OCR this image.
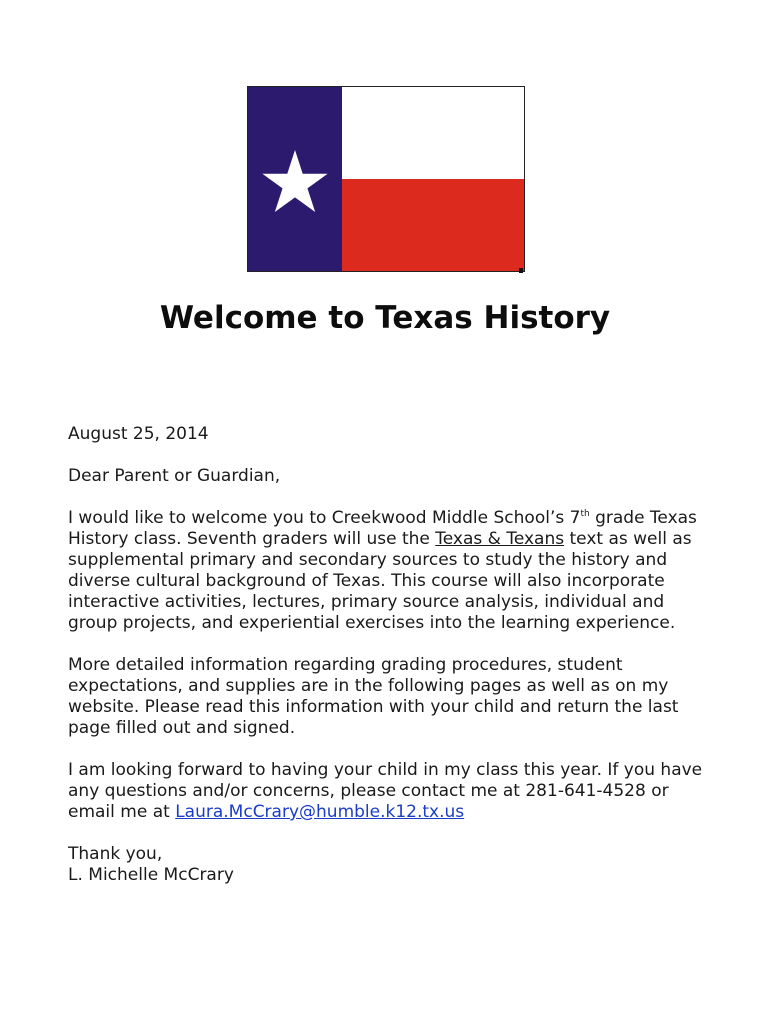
Welcome to Texas History

August 25, 2014

Dear Parent or Guardian,

I would like to welcome you to Creekwood Middle School’s 7th grade Texas History class. Seventh graders will use the Texas & Texans text as well as supplemental primary and secondary sources to study the history and diverse cultural background of Texas. This course will also incorporate interactive activities, lectures, primary source analysis, individual and group projects, and experiential exercises into the learning experience.

More detailed information regarding grading procedures, student expectations, and supplies are in the following pages as well as on my website. Please read this information with your child and return the last page filled out and signed.

I am looking forward to having your child in my class this year. If you have any questions and/or concerns, please contact me at 281-641-4528 or email me at Laura.McCrary@humble.k12.tx.us

Thank you,

L. Michelle McCrary
